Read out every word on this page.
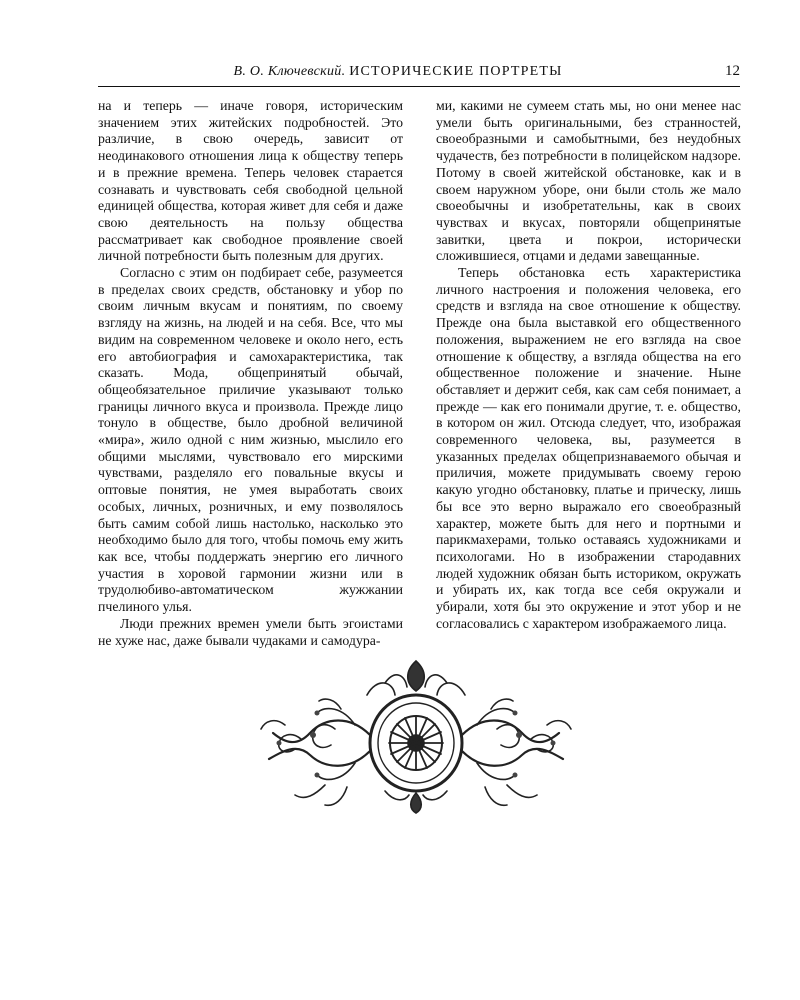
В. О. Ключевский. ИСТОРИЧЕСКИЕ ПОРТРЕТЫ	12

на и теперь — иначе говоря, историческим значением этих житейских подробностей. Это различие, в свою очередь, зависит от неодинакового отношения лица к обществу теперь и в прежние времена. Теперь человек старается сознавать и чувствовать себя свободной цельной единицей общества, которая живет для себя и даже свою деятельность на пользу общества рассматривает как свободное проявление своей личной потребности быть полезным для других.

Согласно с этим он подбирает себе, разумеется в пределах своих средств, обстановку и убор по своим личным вкусам и понятиям, по своему взгляду на жизнь, на людей и на себя. Все, что мы видим на современном человеке и около него, есть его автобиография и самохарактеристика, так сказать. Мода, общепринятый обычай, общеобязательное приличие указывают только границы личного вкуса и произвола. Прежде лицо тонуло в обществе, было дробной величиной «мира», жило одной с ним жизнью, мыслило его общими мыслями, чувствовало его мирскими чувствами, разделяло его повальные вкусы и оптовые понятия, не умея выработать своих особых, личных, розничных, и ему позволялось быть самим собой лишь настолько, насколько это необходимо было для того, чтобы помочь ему жить как все, чтобы поддержать энергию его личного участия в хоровой гармонии жизни или в трудолюбиво-автоматическом жужжании пчелиного улья.

Люди прежних времен умели быть эгоистами не хуже нас, даже бывали чудаками и самодура-

ми, какими не сумеем стать мы, но они менее нас умели быть оригинальными, без странностей, своеобразными и самобытными, без неудобных чудачеств, без потребности в полицейском надзоре. Потому в своей житейской обстановке, как и в своем наружном уборе, они были столь же мало своеобычны и изобретательны, как в своих чувствах и вкусах, повторяли общепринятые завитки, цвета и покрои, исторически сложившиеся, отцами и дедами завещанные.

Теперь обстановка есть характеристика личного настроения и положения человека, его средств и взгляда на свое отношение к обществу. Прежде она была выставкой его общественного положения, выражением не его взгляда на свое отношение к обществу, а взгляда общества на его общественное положение и значение. Ныне обставляет и держит себя, как сам себя понимает, а прежде — как его понимали другие, т. е. общество, в котором он жил. Отсюда следует, что, изображая современного человека, вы, разумеется в указанных пределах общепризнаваемого обычая и приличия, можете придумывать своему герою какую угодно обстановку, платье и прическу, лишь бы все это верно выражало его своеобразный характер, можете быть для него и портными и парикмахерами, только оставаясь художниками и психологами. Но в изображении стародавних людей художник обязан быть историком, окружать и убирать их, как тогда все себя окружали и убирали, хотя бы это окружение и этот убор и не согласовались с характером изображаемого лица.
